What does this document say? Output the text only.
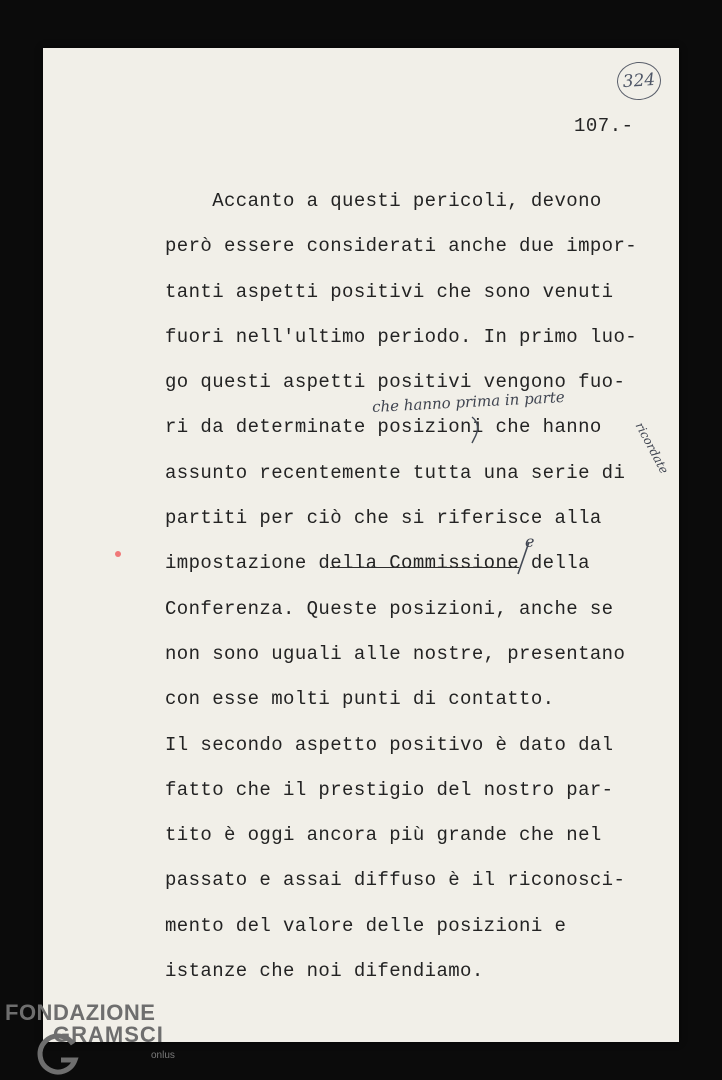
324
107.-
Accanto a questi pericoli, devono
però essere considerati anche due impor-
tanti aspetti positivi che sono venuti
fuori nell'ultimo periodo. In primo luo-
go questi aspetti positivi vengono fuo-
ri da determinate posizioni che hanno
assunto recentemente tutta una serie di
partiti per ciò che si riferisce alla
impostazione della Commissione della
Conferenza. Queste posizioni, anche se
non sono uguali alle nostre, presentano
con esse molti punti di contatto.
Il secondo aspetto positivo è dato dal
fatto che il prestigio del nostro par-
tito è oggi ancora più grande che nel
passato e assai diffuso è il riconosci-
mento del valore delle posizioni e
istanze che noi difendiamo.
che hanno prima in parte
ricordate
e
FONDAZIONE
GRAMSCI
onlus
